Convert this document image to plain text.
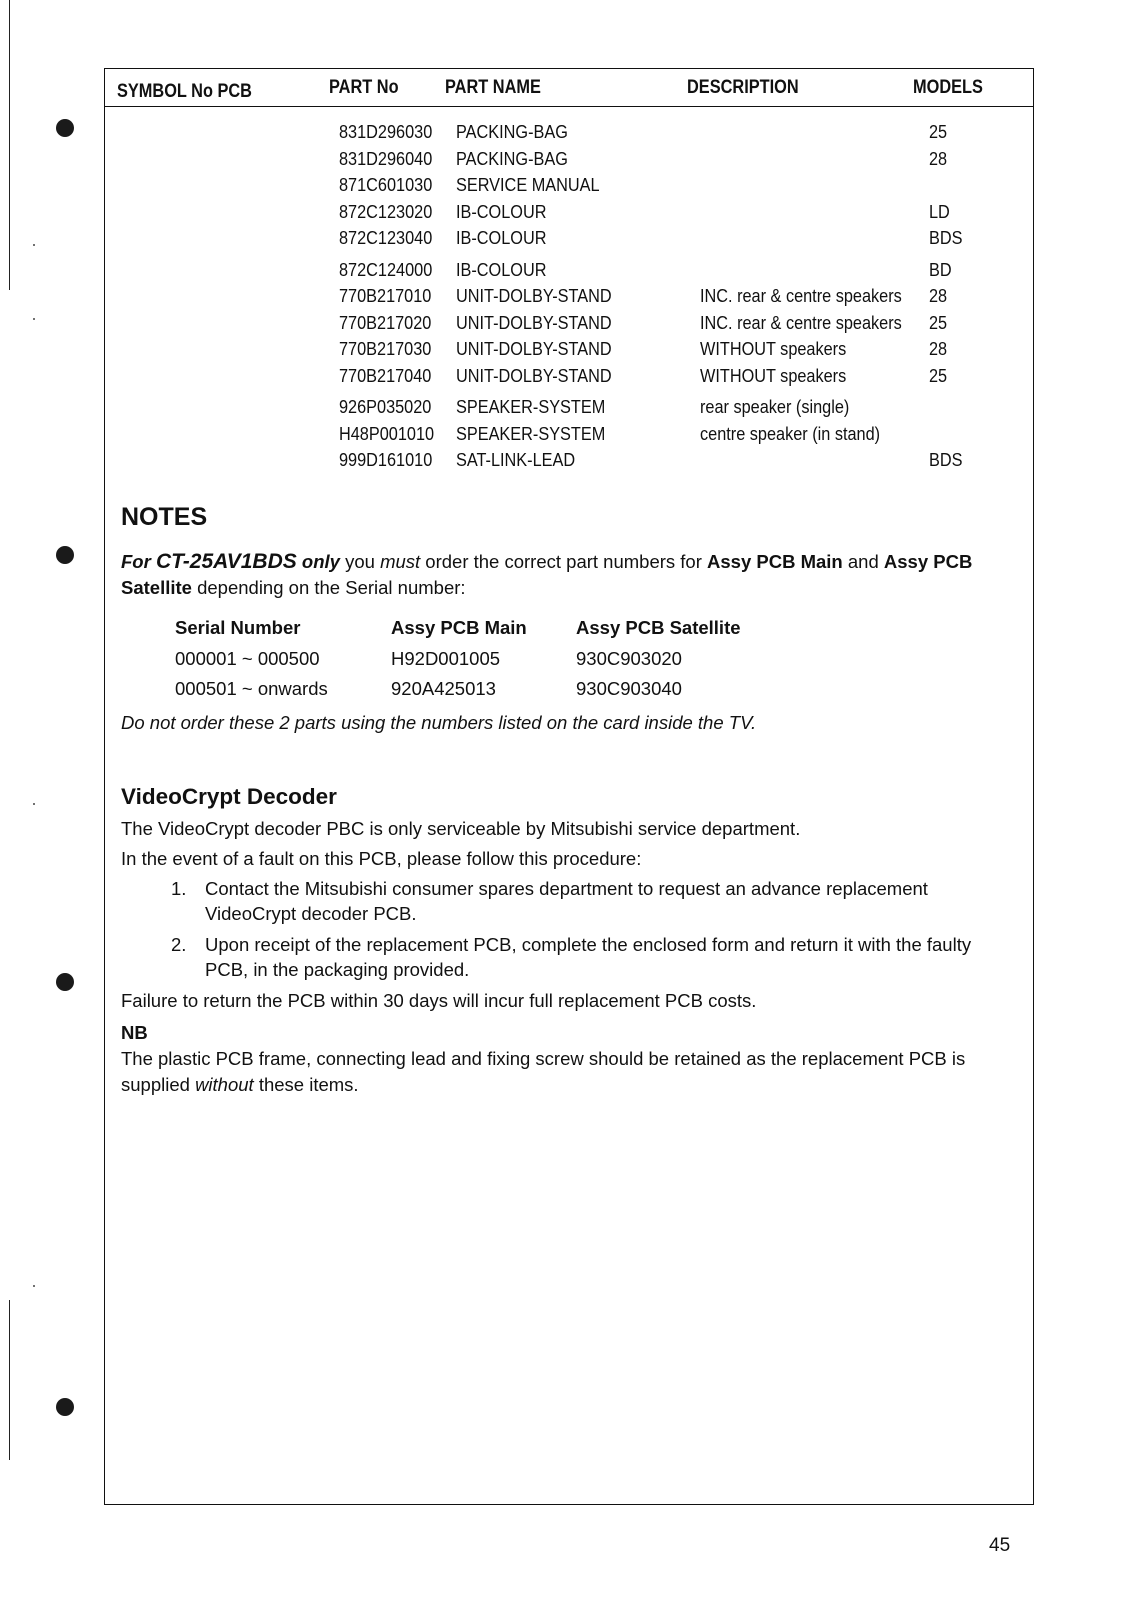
SYMBOL No PCB	PART No PART NAME	DESCRIPTION	MODELS
831D296030 PACKING-BAG	25
831D296040 PACKING-BAG	28
871C601030 SERVICE MANUAL
872C123020 IB-COLOUR	LD
872C123040 IB-COLOUR	BDS
872C124000 IB-COLOUR	BD
770B217010 UNIT-DOLBY-STAND	INC. rear & centre speakers 28
770B217020 UNIT-DOLBY-STAND	INC. rear & centre speakers 25
770B217030 UNIT-DOLBY-STAND	WITHOUT speakers	28
770B217040 UNIT-DOLBY-STAND	WITHOUT speakers	25
926P035020 SPEAKER-SYSTEM	rear speaker (single)
H48P001010 SPEAKER-SYSTEM	centre speaker (in stand)
999D161010 SAT-LINK-LEAD	BDS
NOTES
For CT-25AV1BDS only you must order the correct part numbers for Assy PCB Main and Assy PCB Satellite depending on the Serial number:
Serial Number	Assy PCB Main	Assy PCB Satellite
000001 ~ 000500	H92D001005	930C903020
000501 ~ onwards	920A425013	930C903040
Do not order these 2 parts using the numbers listed on the card inside the TV.
VideoCrypt Decoder
The VideoCrypt decoder PBC is only serviceable by Mitsubishi service department.
In the event of a fault on this PCB, please follow this procedure:
1. Contact the Mitsubishi consumer spares department to request an advance replacement VideoCrypt decoder PCB.
2. Upon receipt of the replacement PCB, complete the enclosed form and return it with the faulty PCB, in the packaging provided.
Failure to return the PCB within 30 days will incur full replacement PCB costs.
NB
The plastic PCB frame, connecting lead and fixing screw should be retained as the replacement PCB is supplied without these items.
45
